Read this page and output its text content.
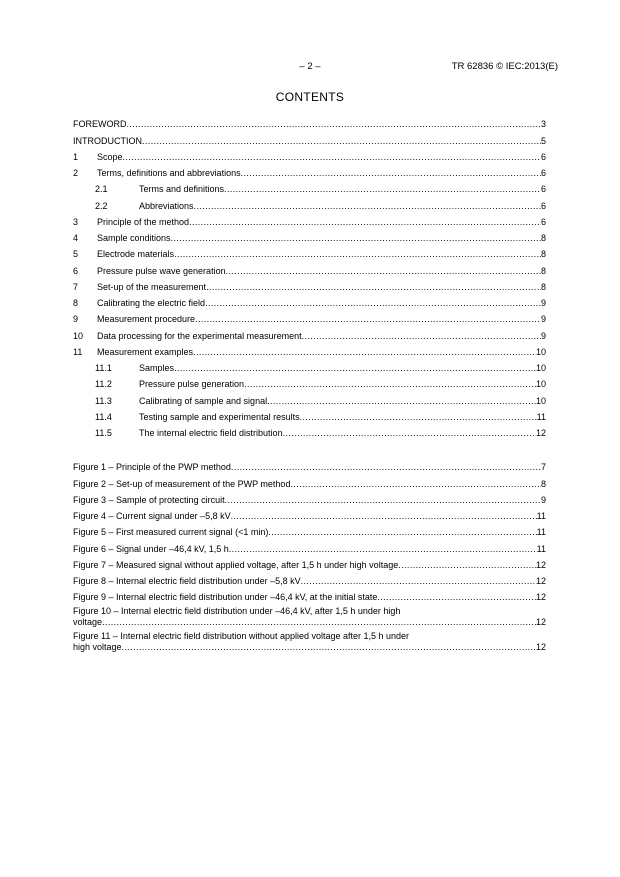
– 2 –	TR 62836 © IEC:2013(E)
CONTENTS
FOREWORD .....	3
INTRODUCTION .....	5
1	Scope .....	6
2	Terms, definitions and abbreviations .....	6
2.1	Terms and definitions .....	6
2.2	Abbreviations .....	6
3	Principle of the method .....	6
4	Sample conditions .....	8
5	Electrode materials .....	8
6	Pressure pulse wave generation .....	8
7	Set-up of the measurement .....	8
8	Calibrating the electric field .....	9
9	Measurement procedure .....	9
10	Data processing for the experimental measurement .....	9
11	Measurement examples .....	10
11.1	Samples .....	10
11.2	Pressure pulse generation .....	10
11.3	Calibrating of sample and signal .....	10
11.4	Testing sample and experimental results .....	11
11.5	The internal electric field distribution .....	12
Figure 1 – Principle of the PWP method .....	7
Figure 2 – Set-up of measurement of the PWP method .....	8
Figure 3 – Sample of protecting circuit .....	9
Figure 4 – Current signal under –5,8 kV .....	11
Figure 5 – First measured current signal (<1 min) .....	11
Figure 6 – Signal under –46,4 kV, 1,5 h .....	11
Figure 7 – Measured signal without applied voltage, after 1,5 h under high voltage .....	12
Figure 8 – Internal electric field distribution under –5,8 kV .....	12
Figure 9 – Internal electric field distribution under –46,4 kV, at the initial state .....	12
Figure 10 – Internal electric field distribution under –46,4 kV, after 1,5 h under high
voltage .....	12
Figure 11 – Internal electric field distribution without applied voltage after 1,5 h under
high voltage .....	12
